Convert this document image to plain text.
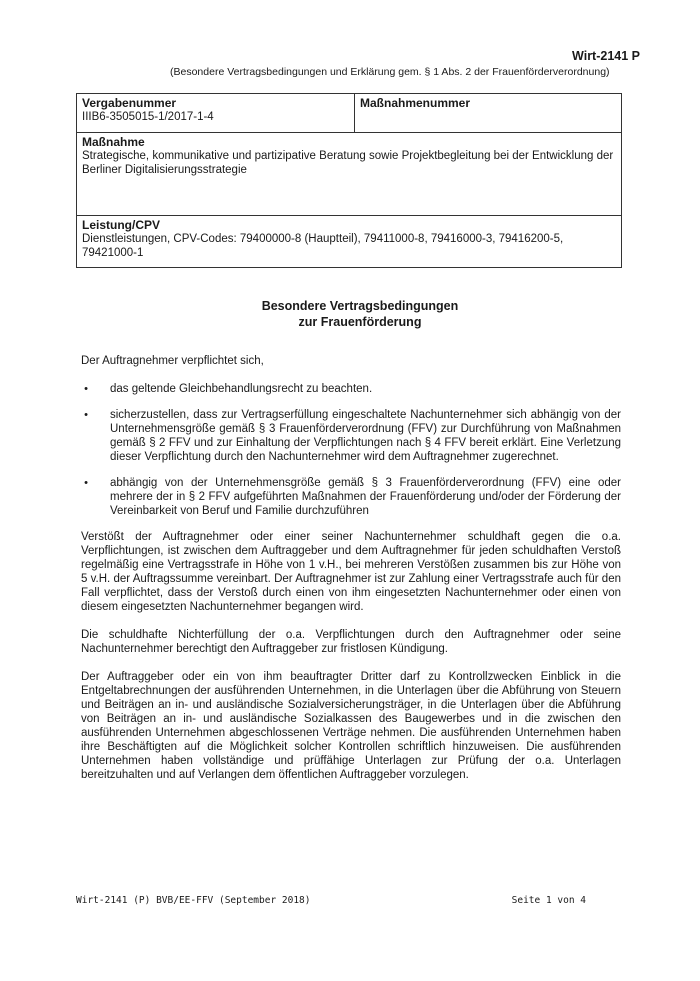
Wirt-2141 P
(Besondere Vertragsbedingungen und Erklärung gem. § 1 Abs. 2 der Frauenförderverordnung)
Vergabenummer
IIIB6-3505015-1/2017-1-4
Maßnahmenummer
Maßnahme
Strategische, kommunikative und partizipative Beratung sowie Projektbegleitung bei der Entwicklung der Berliner Digitalisierungsstrategie
Leistung/CPV
Dienstleistungen, CPV-Codes: 79400000-8 (Hauptteil), 79411000-8, 79416000-3, 79416200-5, 79421000-1
Besondere Vertragsbedingungen
zur Frauenförderung

Der Auftragnehmer verpflichtet sich,

• das geltende Gleichbehandlungsrecht zu beachten.
• sicherzustellen, dass zur Vertragserfüllung eingeschaltete Nachunternehmer sich abhängig von der Unternehmensgröße gemäß § 3 Frauenförderverordnung (FFV) zur Durchführung von Maßnahmen gemäß § 2 FFV und zur Einhaltung der Verpflichtungen nach § 4 FFV bereit erklärt. Eine Verletzung dieser Verpflichtung durch den Nachunternehmer wird dem Auftragnehmer zugerechnet.
• abhängig von der Unternehmensgröße gemäß § 3 Frauenförderverordnung (FFV) eine oder mehrere der in § 2 FFV aufgeführten Maßnahmen der Frauenförderung und/oder der Förderung der Vereinbarkeit von Beruf und Familie durchzuführen

Verstößt der Auftragnehmer oder einer seiner Nachunternehmer schuldhaft gegen die o.a. Verpflichtungen, ist zwischen dem Auftraggeber und dem Auftragnehmer für jeden schuldhaften Verstoß regelmäßig eine Vertragsstrafe in Höhe von 1 v.H., bei mehreren Verstößen zusammen bis zur Höhe von 5 v.H. der Auftragssumme vereinbart. Der Auftragnehmer ist zur Zahlung einer Vertragsstrafe auch für den Fall verpflichtet, dass der Verstoß durch einen von ihm eingesetzten Nachunternehmer oder einen von diesem eingesetzten Nachunternehmer begangen wird.

Die schuldhafte Nichterfüllung der o.a. Verpflichtungen durch den Auftragnehmer oder seine Nachunternehmer berechtigt den Auftraggeber zur fristlosen Kündigung.

Der Auftraggeber oder ein von ihm beauftragter Dritter darf zu Kontrollzwecken Einblick in die Entgeltabrechnungen der ausführenden Unternehmen, in die Unterlagen über die Abführung von Steuern und Beiträgen an in- und ausländische Sozialversicherungsträger, in die Unterlagen über die Abführung von Beiträgen an in- und ausländische Sozialkassen des Baugewerbes und in die zwischen den ausführenden Unternehmen abgeschlossenen Verträge nehmen. Die ausführenden Unternehmen haben ihre Beschäftigten auf die Möglichkeit solcher Kontrollen schriftlich hinzuweisen. Die ausführenden Unternehmen haben vollständige und prüffähige Unterlagen zur Prüfung der o.a. Unterlagen bereitzuhalten und auf Verlangen dem öffentlichen Auftraggeber vorzulegen.

Wirt-2141 (P) BVB/EE-FFV (September 2018)	Seite 1 von 4
